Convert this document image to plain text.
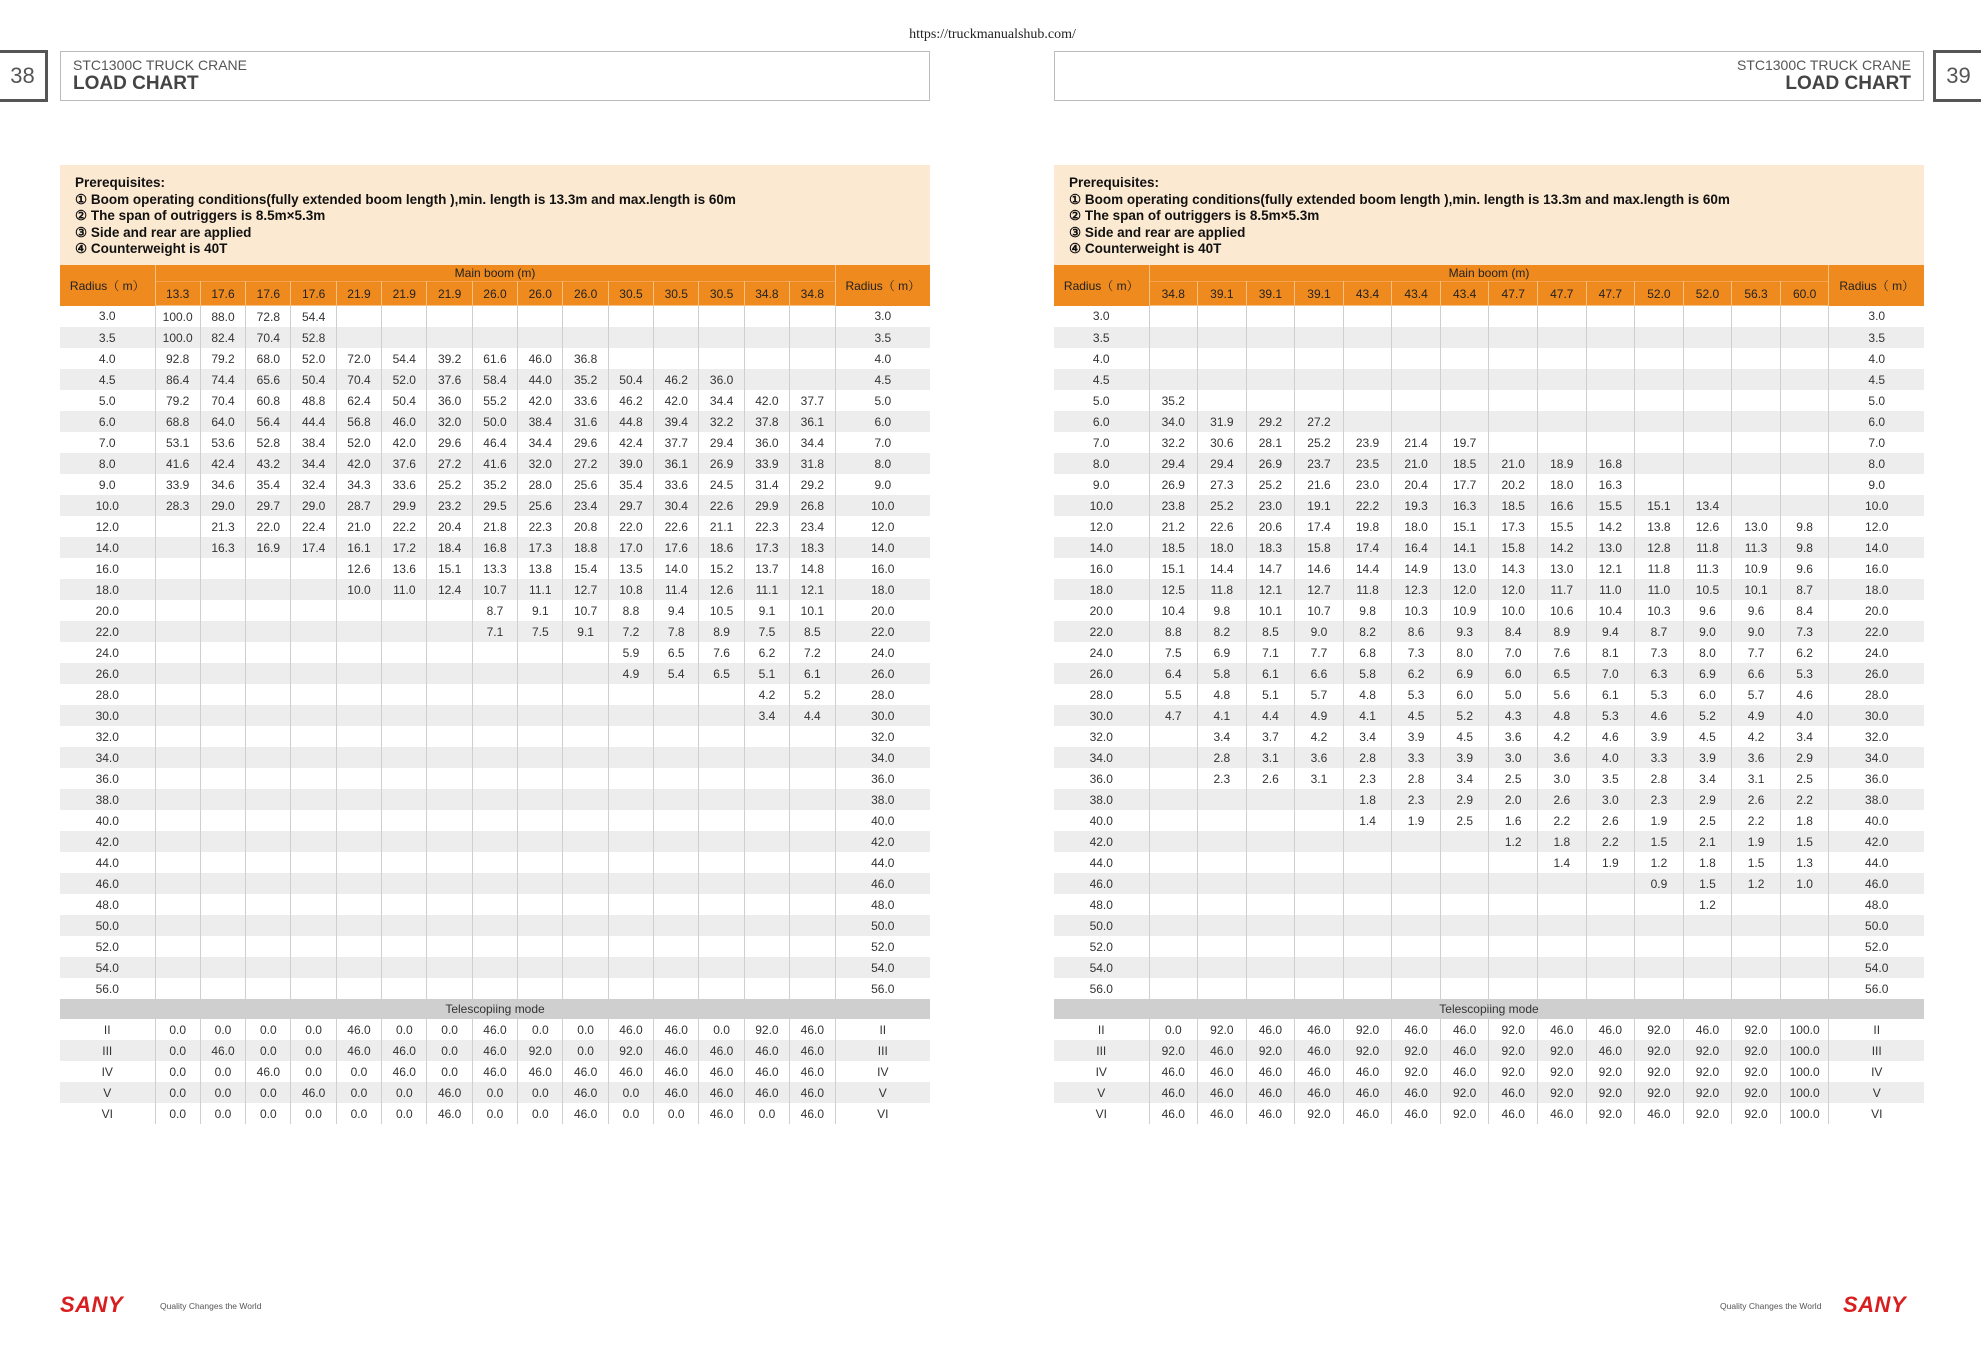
https://truckmanualshub.com/
38	STC1300C TRUCK CRANE
LOAD CHART
STC1300C TRUCK CRANE
LOAD CHART	39
Prerequisites:
① Boom operating conditions(fully extended boom length ),min. length is 13.3m and max.length is 60m
② The span of outriggers is 8.5m×5.3m
③ Side and rear are applied
④ Counterweight is 40T
Radius（ m）	Main boom (m)															Radius（ m）
	13.3	17.6	17.6	17.6	21.9	21.9	21.9	26.0	26.0	26.0	30.5	30.5	30.5	34.8	34.8	
3.0	100.0	88.0	72.8	54.4												3.0
3.5	100.0	82.4	70.4	52.8												3.5
4.0	92.8	79.2	68.0	52.0	72.0	54.4	39.2	61.6	46.0	36.8						4.0
4.5	86.4	74.4	65.6	50.4	70.4	52.0	37.6	58.4	44.0	35.2	50.4	46.2	36.0			4.5
5.0	79.2	70.4	60.8	48.8	62.4	50.4	36.0	55.2	42.0	33.6	46.2	42.0	34.4	42.0	37.7	5.0
6.0	68.8	64.0	56.4	44.4	56.8	46.0	32.0	50.0	38.4	31.6	44.8	39.4	32.2	37.8	36.1	6.0
7.0	53.1	53.6	52.8	38.4	52.0	42.0	29.6	46.4	34.4	29.6	42.4	37.7	29.4	36.0	34.4	7.0
8.0	41.6	42.4	43.2	34.4	42.0	37.6	27.2	41.6	32.0	27.2	39.0	36.1	26.9	33.9	31.8	8.0
9.0	33.9	34.6	35.4	32.4	34.3	33.6	25.2	35.2	28.0	25.6	35.4	33.6	24.5	31.4	29.2	9.0
10.0	28.3	29.0	29.7	29.0	28.7	29.9	23.2	29.5	25.6	23.4	29.7	30.4	22.6	29.9	26.8	10.0
12.0		21.3	22.0	22.4	21.0	22.2	20.4	21.8	22.3	20.8	22.0	22.6	21.1	22.3	23.4	12.0
14.0		16.3	16.9	17.4	16.1	17.2	18.4	16.8	17.3	18.8	17.0	17.6	18.6	17.3	18.3	14.0
16.0					12.6	13.6	15.1	13.3	13.8	15.4	13.5	14.0	15.2	13.7	14.8	16.0
18.0					10.0	11.0	12.4	10.7	11.1	12.7	10.8	11.4	12.6	11.1	12.1	18.0
20.0								8.7	9.1	10.7	8.8	9.4	10.5	9.1	10.1	20.0
22.0								7.1	7.5	9.1	7.2	7.8	8.9	7.5	8.5	22.0
24.0											5.9	6.5	7.6	6.2	7.2	24.0
26.0											4.9	5.4	6.5	5.1	6.1	26.0
28.0														4.2	5.2	28.0
30.0														3.4	4.4	30.0
32.0																32.0
34.0																34.0
36.0																36.0
38.0																38.0
40.0																40.0
42.0																42.0
44.0																44.0
46.0																46.0
48.0																48.0
50.0																50.0
52.0																52.0
54.0																54.0
56.0																56.0
Telescopiing mode																
II	0.0	0.0	0.0	0.0	46.0	0.0	0.0	46.0	0.0	0.0	46.0	46.0	0.0	92.0	46.0	II
III	0.0	46.0	0.0	0.0	46.0	46.0	0.0	46.0	92.0	0.0	92.0	46.0	46.0	46.0	46.0	III
IV	0.0	0.0	46.0	0.0	0.0	46.0	0.0	46.0	46.0	46.0	46.0	46.0	46.0	46.0	46.0	IV
V	0.0	0.0	0.0	46.0	0.0	0.0	46.0	0.0	0.0	46.0	0.0	46.0	46.0	46.0	46.0	V
VI	0.0	0.0	0.0	0.0	0.0	0.0	46.0	0.0	0.0	46.0	0.0	0.0	46.0	0.0	46.0	VI
Prerequisites:
① Boom operating conditions(fully extended boom length ),min. length is 13.3m and max.length is 60m
② The span of outriggers is 8.5m×5.3m
③ Side and rear are applied
④ Counterweight is 40T
Radius（ m）	Main boom (m)														Radius（ m）
	34.8	39.1	39.1	39.1	43.4	43.4	43.4	47.7	47.7	47.7	52.0	52.0	56.3	60.0	
3.0															3.0
3.5															3.5
4.0															4.0
4.5															4.5
5.0	35.2														5.0
6.0	34.0	31.9	29.2	27.2											6.0
7.0	32.2	30.6	28.1	25.2	23.9	21.4	19.7								7.0
8.0	29.4	29.4	26.9	23.7	23.5	21.0	18.5	21.0	18.9	16.8					8.0
9.0	26.9	27.3	25.2	21.6	23.0	20.4	17.7	20.2	18.0	16.3					9.0
10.0	23.8	25.2	23.0	19.1	22.2	19.3	16.3	18.5	16.6	15.5	15.1	13.4			10.0
12.0	21.2	22.6	20.6	17.4	19.8	18.0	15.1	17.3	15.5	14.2	13.8	12.6	13.0	9.8	12.0
14.0	18.5	18.0	18.3	15.8	17.4	16.4	14.1	15.8	14.2	13.0	12.8	11.8	11.3	9.8	14.0
16.0	15.1	14.4	14.7	14.6	14.4	14.9	13.0	14.3	13.0	12.1	11.8	11.3	10.9	9.6	16.0
18.0	12.5	11.8	12.1	12.7	11.8	12.3	12.0	12.0	11.7	11.0	11.0	10.5	10.1	8.7	18.0
20.0	10.4	9.8	10.1	10.7	9.8	10.3	10.9	10.0	10.6	10.4	10.3	9.6	9.6	8.4	20.0
22.0	8.8	8.2	8.5	9.0	8.2	8.6	9.3	8.4	8.9	9.4	8.7	9.0	9.0	7.3	22.0
24.0	7.5	6.9	7.1	7.7	6.8	7.3	8.0	7.0	7.6	8.1	7.3	8.0	7.7	6.2	24.0
26.0	6.4	5.8	6.1	6.6	5.8	6.2	6.9	6.0	6.5	7.0	6.3	6.9	6.6	5.3	26.0
28.0	5.5	4.8	5.1	5.7	4.8	5.3	6.0	5.0	5.6	6.1	5.3	6.0	5.7	4.6	28.0
30.0	4.7	4.1	4.4	4.9	4.1	4.5	5.2	4.3	4.8	5.3	4.6	5.2	4.9	4.0	30.0
32.0		3.4	3.7	4.2	3.4	3.9	4.5	3.6	4.2	4.6	3.9	4.5	4.2	3.4	32.0
34.0		2.8	3.1	3.6	2.8	3.3	3.9	3.0	3.6	4.0	3.3	3.9	3.6	2.9	34.0
36.0		2.3	2.6	3.1	2.3	2.8	3.4	2.5	3.0	3.5	2.8	3.4	3.1	2.5	36.0
38.0					1.8	2.3	2.9	2.0	2.6	3.0	2.3	2.9	2.6	2.2	38.0
40.0					1.4	1.9	2.5	1.6	2.2	2.6	1.9	2.5	2.2	1.8	40.0
42.0								1.2	1.8	2.2	1.5	2.1	1.9	1.5	42.0
44.0									1.4	1.9	1.2	1.8	1.5	1.3	44.0
46.0											0.9	1.5	1.2	1.0	46.0
48.0												1.2			48.0
50.0															50.0
52.0															52.0
54.0															54.0
56.0															56.0
Telescopiing mode															
II	0.0	92.0	46.0	46.0	92.0	46.0	46.0	92.0	46.0	46.0	92.0	46.0	92.0	100.0	II
III	92.0	46.0	92.0	46.0	92.0	92.0	46.0	92.0	92.0	46.0	92.0	92.0	92.0	100.0	III
IV	46.0	46.0	46.0	46.0	46.0	92.0	46.0	92.0	92.0	92.0	92.0	92.0	92.0	100.0	IV
V	46.0	46.0	46.0	46.0	46.0	46.0	92.0	46.0	92.0	92.0	92.0	92.0	92.0	100.0	V
VI	46.0	46.0	46.0	92.0	46.0	46.0	92.0	46.0	46.0	92.0	46.0	92.0	92.0	100.0	VI
SANY	Quality Changes the World	Quality Changes the World SANY
